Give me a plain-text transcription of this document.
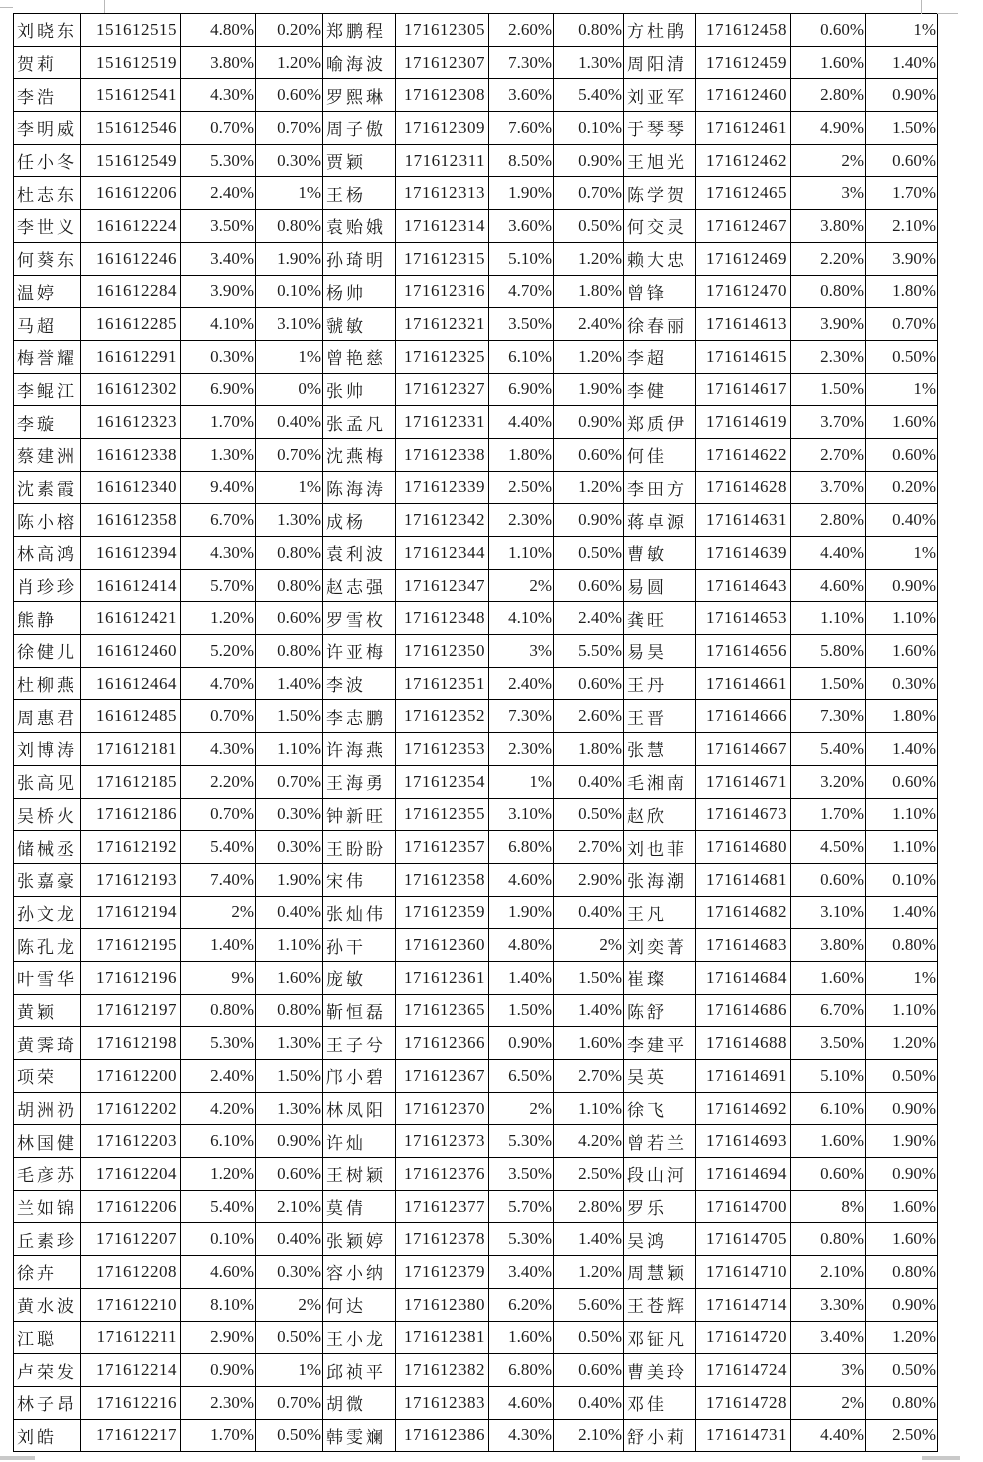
刘晓东	151612515	4.80%	0.20%	郑鹏程	171612305	2.60%	0.80%	方杜鹃	171612458	0.60%	1%
贺莉	151612519	3.80%	1.20%	喻海波	171612307	7.30%	1.30%	周阳清	171612459	1.60%	1.40%
李浩	151612541	4.30%	0.60%	罗熙琳	171612308	3.60%	5.40%	刘亚军	171612460	2.80%	0.90%
李明威	151612546	0.70%	0.70%	周子傲	171612309	7.60%	0.10%	于琴琴	171612461	4.90%	1.50%
任小冬	151612549	5.30%	0.30%	贾颖	171612311	8.50%	0.90%	王旭光	171612462	2%	0.60%
杜志东	161612206	2.40%	1%	王杨	171612313	1.90%	0.70%	陈学贺	171612465	3%	1.70%
李世义	161612224	3.50%	0.80%	袁贻娥	171612314	3.60%	0.50%	何交灵	171612467	3.80%	2.10%
何葵东	161612246	3.40%	1.90%	孙琦明	171612315	5.10%	1.20%	赖大忠	171612469	2.20%	3.90%
温婷	161612284	3.90%	0.10%	杨帅	171612316	4.70%	1.80%	曾锋	171612470	0.80%	1.80%
马超	161612285	4.10%	3.10%	虢敏	171612321	3.50%	2.40%	徐春丽	171614613	3.90%	0.70%
梅誉耀	161612291	0.30%	1%	曾艳慈	171612325	6.10%	1.20%	李超	171614615	2.30%	0.50%
李鲲江	161612302	6.90%	0%	张帅	171612327	6.90%	1.90%	李健	171614617	1.50%	1%
李璇	161612323	1.70%	0.40%	张孟凡	171612331	4.40%	0.90%	郑质伊	171614619	3.70%	1.60%
蔡建洲	161612338	1.30%	0.70%	沈燕梅	171612338	1.80%	0.60%	何佳	171614622	2.70%	0.60%
沈素霞	161612340	9.40%	1%	陈海涛	171612339	2.50%	1.20%	李田方	171614628	3.70%	0.20%
陈小榕	161612358	6.70%	1.30%	成杨	171612342	2.30%	0.90%	蒋卓源	171614631	2.80%	0.40%
林高鸿	161612394	4.30%	0.80%	袁利波	171612344	1.10%	0.50%	曹敏	171614639	4.40%	1%
肖珍珍	161612414	5.70%	0.80%	赵志强	171612347	2%	0.60%	易圆	171614643	4.60%	0.90%
熊静	161612421	1.20%	0.60%	罗雪枚	171612348	4.10%	2.40%	龚旺	171614653	1.10%	1.10%
徐健儿	161612460	5.20%	0.80%	许亚梅	171612350	3%	5.50%	易昊	171614656	5.80%	1.60%
杜柳燕	161612464	4.70%	1.40%	李波	171612351	2.40%	0.60%	王丹	171614661	1.50%	0.30%
周惠君	161612485	0.70%	1.50%	李志鹏	171612352	7.30%	2.60%	王晋	171614666	7.30%	1.80%
刘博涛	171612181	4.30%	1.10%	许海燕	171612353	2.30%	1.80%	张慧	171614667	5.40%	1.40%
张高见	171612185	2.20%	0.70%	王海勇	171612354	1%	0.40%	毛湘南	171614671	3.20%	0.60%
吴桥火	171612186	0.70%	0.30%	钟新旺	171612355	3.10%	0.50%	赵欣	171614673	1.70%	1.10%
储械丞	171612192	5.40%	0.30%	王盼盼	171612357	6.80%	2.70%	刘也菲	171614680	4.50%	1.10%
张嘉豪	171612193	7.40%	1.90%	宋伟	171612358	4.60%	2.90%	张海潮	171614681	0.60%	0.10%
孙文龙	171612194	2%	0.40%	张灿伟	171612359	1.90%	0.40%	王凡	171614682	3.10%	1.40%
陈孔龙	171612195	1.40%	1.10%	孙干	171612360	4.80%	2%	刘奕菁	171614683	3.80%	0.80%
叶雪华	171612196	9%	1.60%	庞敏	171612361	1.40%	1.50%	崔璨	171614684	1.60%	1%
黄颖	171612197	0.80%	0.80%	靳恒磊	171612365	1.50%	1.40%	陈舒	171614686	6.70%	1.10%
黄霁琦	171612198	5.30%	1.30%	王子兮	171612366	0.90%	1.60%	李建平	171614688	3.50%	1.20%
项荣	171612200	2.40%	1.50%	邝小碧	171612367	6.50%	2.70%	吴英	171614691	5.10%	0.50%
胡洲礽	171612202	4.20%	1.30%	林凤阳	171612370	2%	1.10%	徐飞	171614692	6.10%	0.90%
林国健	171612203	6.10%	0.90%	许灿	171612373	5.30%	4.20%	曾若兰	171614693	1.60%	1.90%
毛彦苏	171612204	1.20%	0.60%	王树颖	171612376	3.50%	2.50%	段山河	171614694	0.60%	0.90%
兰如锦	171612206	5.40%	2.10%	莫倩	171612377	5.70%	2.80%	罗乐	171614700	8%	1.60%
丘素珍	171612207	0.10%	0.40%	张颖婷	171612378	5.30%	1.40%	吴鸿	171614705	0.80%	1.60%
徐卉	171612208	4.60%	0.30%	容小纳	171612379	3.40%	1.20%	周慧颖	171614710	2.10%	0.80%
黄水波	171612210	8.10%	2%	何达	171612380	6.20%	5.60%	王苍辉	171614714	3.30%	0.90%
江聪	171612211	2.90%	0.50%	王小龙	171612381	1.60%	0.50%	邓钲凡	171614720	3.40%	1.20%
卢荣发	171612214	0.90%	1%	邱祯平	171612382	6.80%	0.60%	曹美玲	171614724	3%	0.50%
林子昂	171612216	2.30%	0.70%	胡微	171612383	4.60%	0.40%	邓佳	171614728	2%	0.80%
刘皓	171612217	1.70%	0.50%	韩雯斓	171612386	4.30%	2.10%	舒小莉	171614731	4.40%	2.50%
